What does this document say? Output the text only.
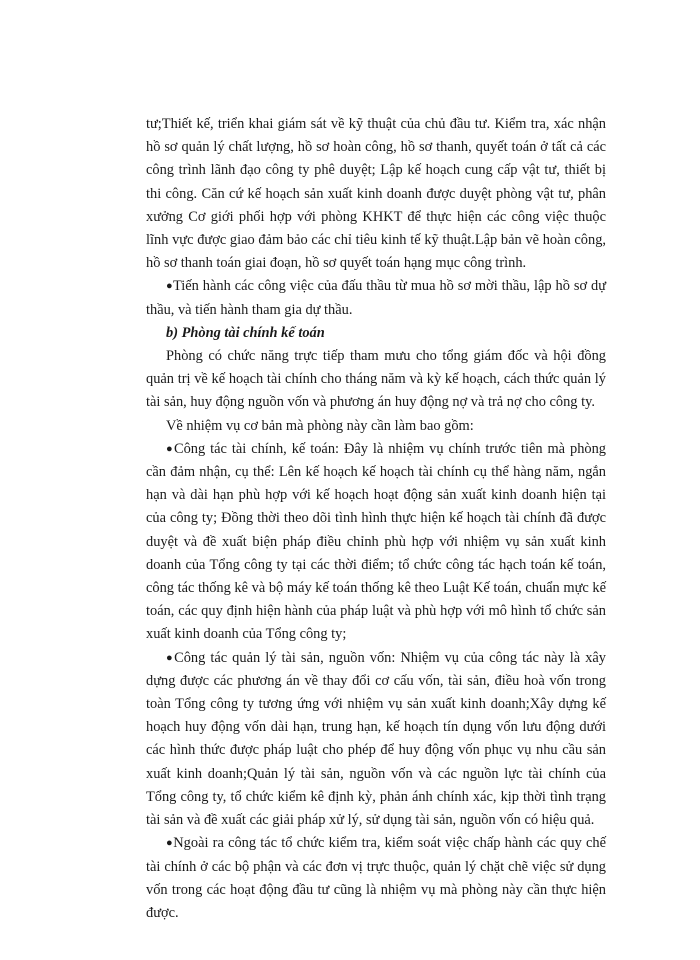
tư;Thiết kế, triển khai giám sát về kỹ thuật của chủ đầu tư. Kiểm tra, xác nhận hồ sơ quản lý chất lượng, hồ sơ hoàn công, hồ sơ thanh, quyết toán ở tất cả các công trình lãnh đạo công ty phê duyệt; Lập kế hoạch cung cấp vật tư, thiết bị thi công. Căn cứ kế hoạch sản xuất kinh doanh được duyệt phòng vật tư, phân xưởng Cơ giới phối hợp với phòng KHKT để thực hiện các công việc thuộc lĩnh vực được giao đảm bảo các chỉ tiêu kinh tế kỹ thuật.Lập bản vẽ hoàn công, hồ sơ thanh toán giai đoạn, hồ sơ quyết toán hạng mục công trình.

●Tiến hành các công việc của đấu thầu từ mua hồ sơ mời thầu, lập hồ sơ dự thầu, và tiến hành tham gia dự thầu.

b) Phòng tài chính kế toán

Phòng có chức năng trực tiếp tham mưu cho tổng giám đốc và hội đồng quản trị về kế hoạch tài chính cho tháng năm và kỳ kế hoạch, cách thức quản lý tài sản, huy động nguồn vốn và phương án huy động nợ và trả nợ cho công ty.

Về nhiệm vụ cơ bản mà phòng này cần làm bao gồm:

●Công tác tài chính, kế toán: Đây là nhiệm vụ chính trước tiên mà phòng cần đảm nhận, cụ thể: Lên kế hoạch kế hoạch tài chính cụ thể hàng năm, ngắn hạn và dài hạn phù hợp với kế hoạch hoạt động sản xuất kinh doanh hiện tại của công ty; Đồng thời theo dõi tình hình thực hiện kế hoạch tài chính đã được duyệt và đề xuất biện pháp điều chỉnh phù hợp với nhiệm vụ sản xuất kinh doanh của Tổng công ty tại các thời điểm; tổ chức công tác hạch toán kế toán, công tác thống kê và bộ máy kế toán thống kê theo Luật Kế toán, chuẩn mực kế toán, các quy định hiện hành của pháp luật và phù hợp với mô hình tổ chức sản xuất kinh doanh của Tổng công ty;

●Công tác quản lý tài sản, nguồn vốn: Nhiệm vụ của công tác này là xây dựng được các phương án về thay đổi cơ cấu vốn, tài sản, điều hoà vốn trong toàn Tổng công ty tương ứng với nhiệm vụ sản xuất kinh doanh;Xây dựng kế hoạch huy động vốn dài hạn, trung hạn, kế hoạch tín dụng vốn lưu động dưới các hình thức được pháp luật cho phép để huy động vốn phục vụ nhu cầu sản xuất kinh doanh;Quản lý tài sản, nguồn vốn và các nguồn lực tài chính của Tổng công ty, tổ chức kiểm kê định kỳ, phản ánh chính xác, kịp thời tình trạng tài sản và đề xuất các giải pháp xử lý, sử dụng tài sản, nguồn vốn có hiệu quả.

●Ngoài ra công tác tổ chức kiểm tra, kiểm soát việc chấp hành các quy chế tài chính ở các bộ phận và các đơn vị trực thuộc, quản lý chặt chẽ việc sử dụng vốn trong các hoạt động đầu tư cũng là nhiệm vụ mà phòng này cần thực hiện được.
